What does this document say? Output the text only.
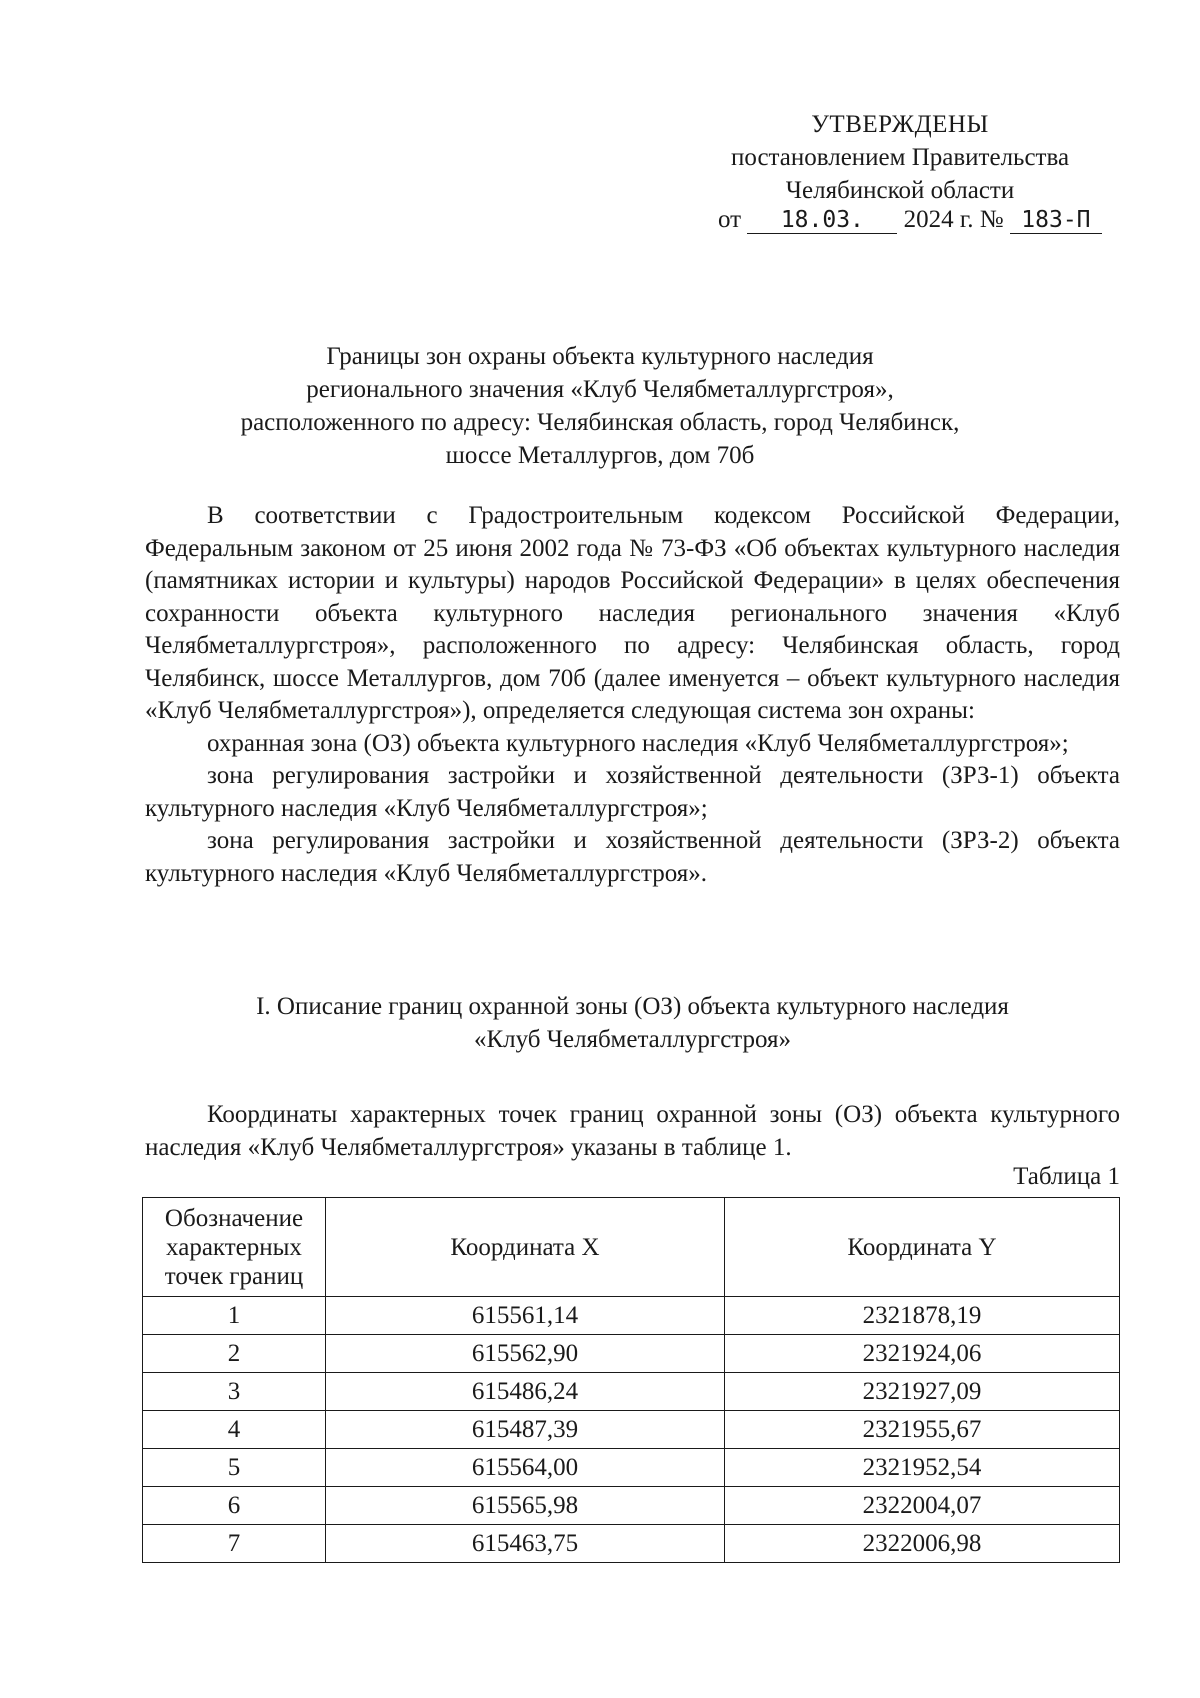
УТВЕРЖДЕНЫ
постановлением Правительства
Челябинской области
от 18.03. 2024 г. № 183-П
Границы зон охраны объекта культурного наследия
регионального значения «Клуб Челябметаллургстроя»,
расположенного по адресу: Челябинская область, город Челябинск,
шоссе Металлургов, дом 70б

В соответствии с Градостроительным кодексом Российской Федерации, Федеральным законом от 25 июня 2002 года № 73-ФЗ «Об объектах культурного наследия (памятниках истории и культуры) народов Российской Федерации» в целях обеспечения сохранности объекта культурного наследия регионального значения «Клуб Челябметаллургстроя», расположенного по адресу: Челябинская область, город Челябинск, шоссе Металлургов, дом 70б (далее именуется – объект культурного наследия «Клуб Челябметаллургстроя»), определяется следующая система зон охраны:

охранная зона (ОЗ) объекта культурного наследия «Клуб Челябметаллургстроя»;

зона регулирования застройки и хозяйственной деятельности (ЗРЗ-1) объекта культурного наследия «Клуб Челябметаллургстроя»;

зона регулирования застройки и хозяйственной деятельности (ЗРЗ-2) объекта культурного наследия «Клуб Челябметаллургстроя».

I. Описание границ охранной зоны (ОЗ) объекта культурного наследия
«Клуб Челябметаллургстроя»

Координаты характерных точек границ охранной зоны (ОЗ) объекта культурного наследия «Клуб Челябметаллургстроя» указаны в таблице 1.

Таблица 1
Обозначение
характерных
точек границ	Координата X	Координата Y
1	615561,14	2321878,19
2	615562,90	2321924,06
3	615486,24	2321927,09
4	615487,39	2321955,67
5	615564,00	2321952,54
6	615565,98	2322004,07
7	615463,75	2322006,98
